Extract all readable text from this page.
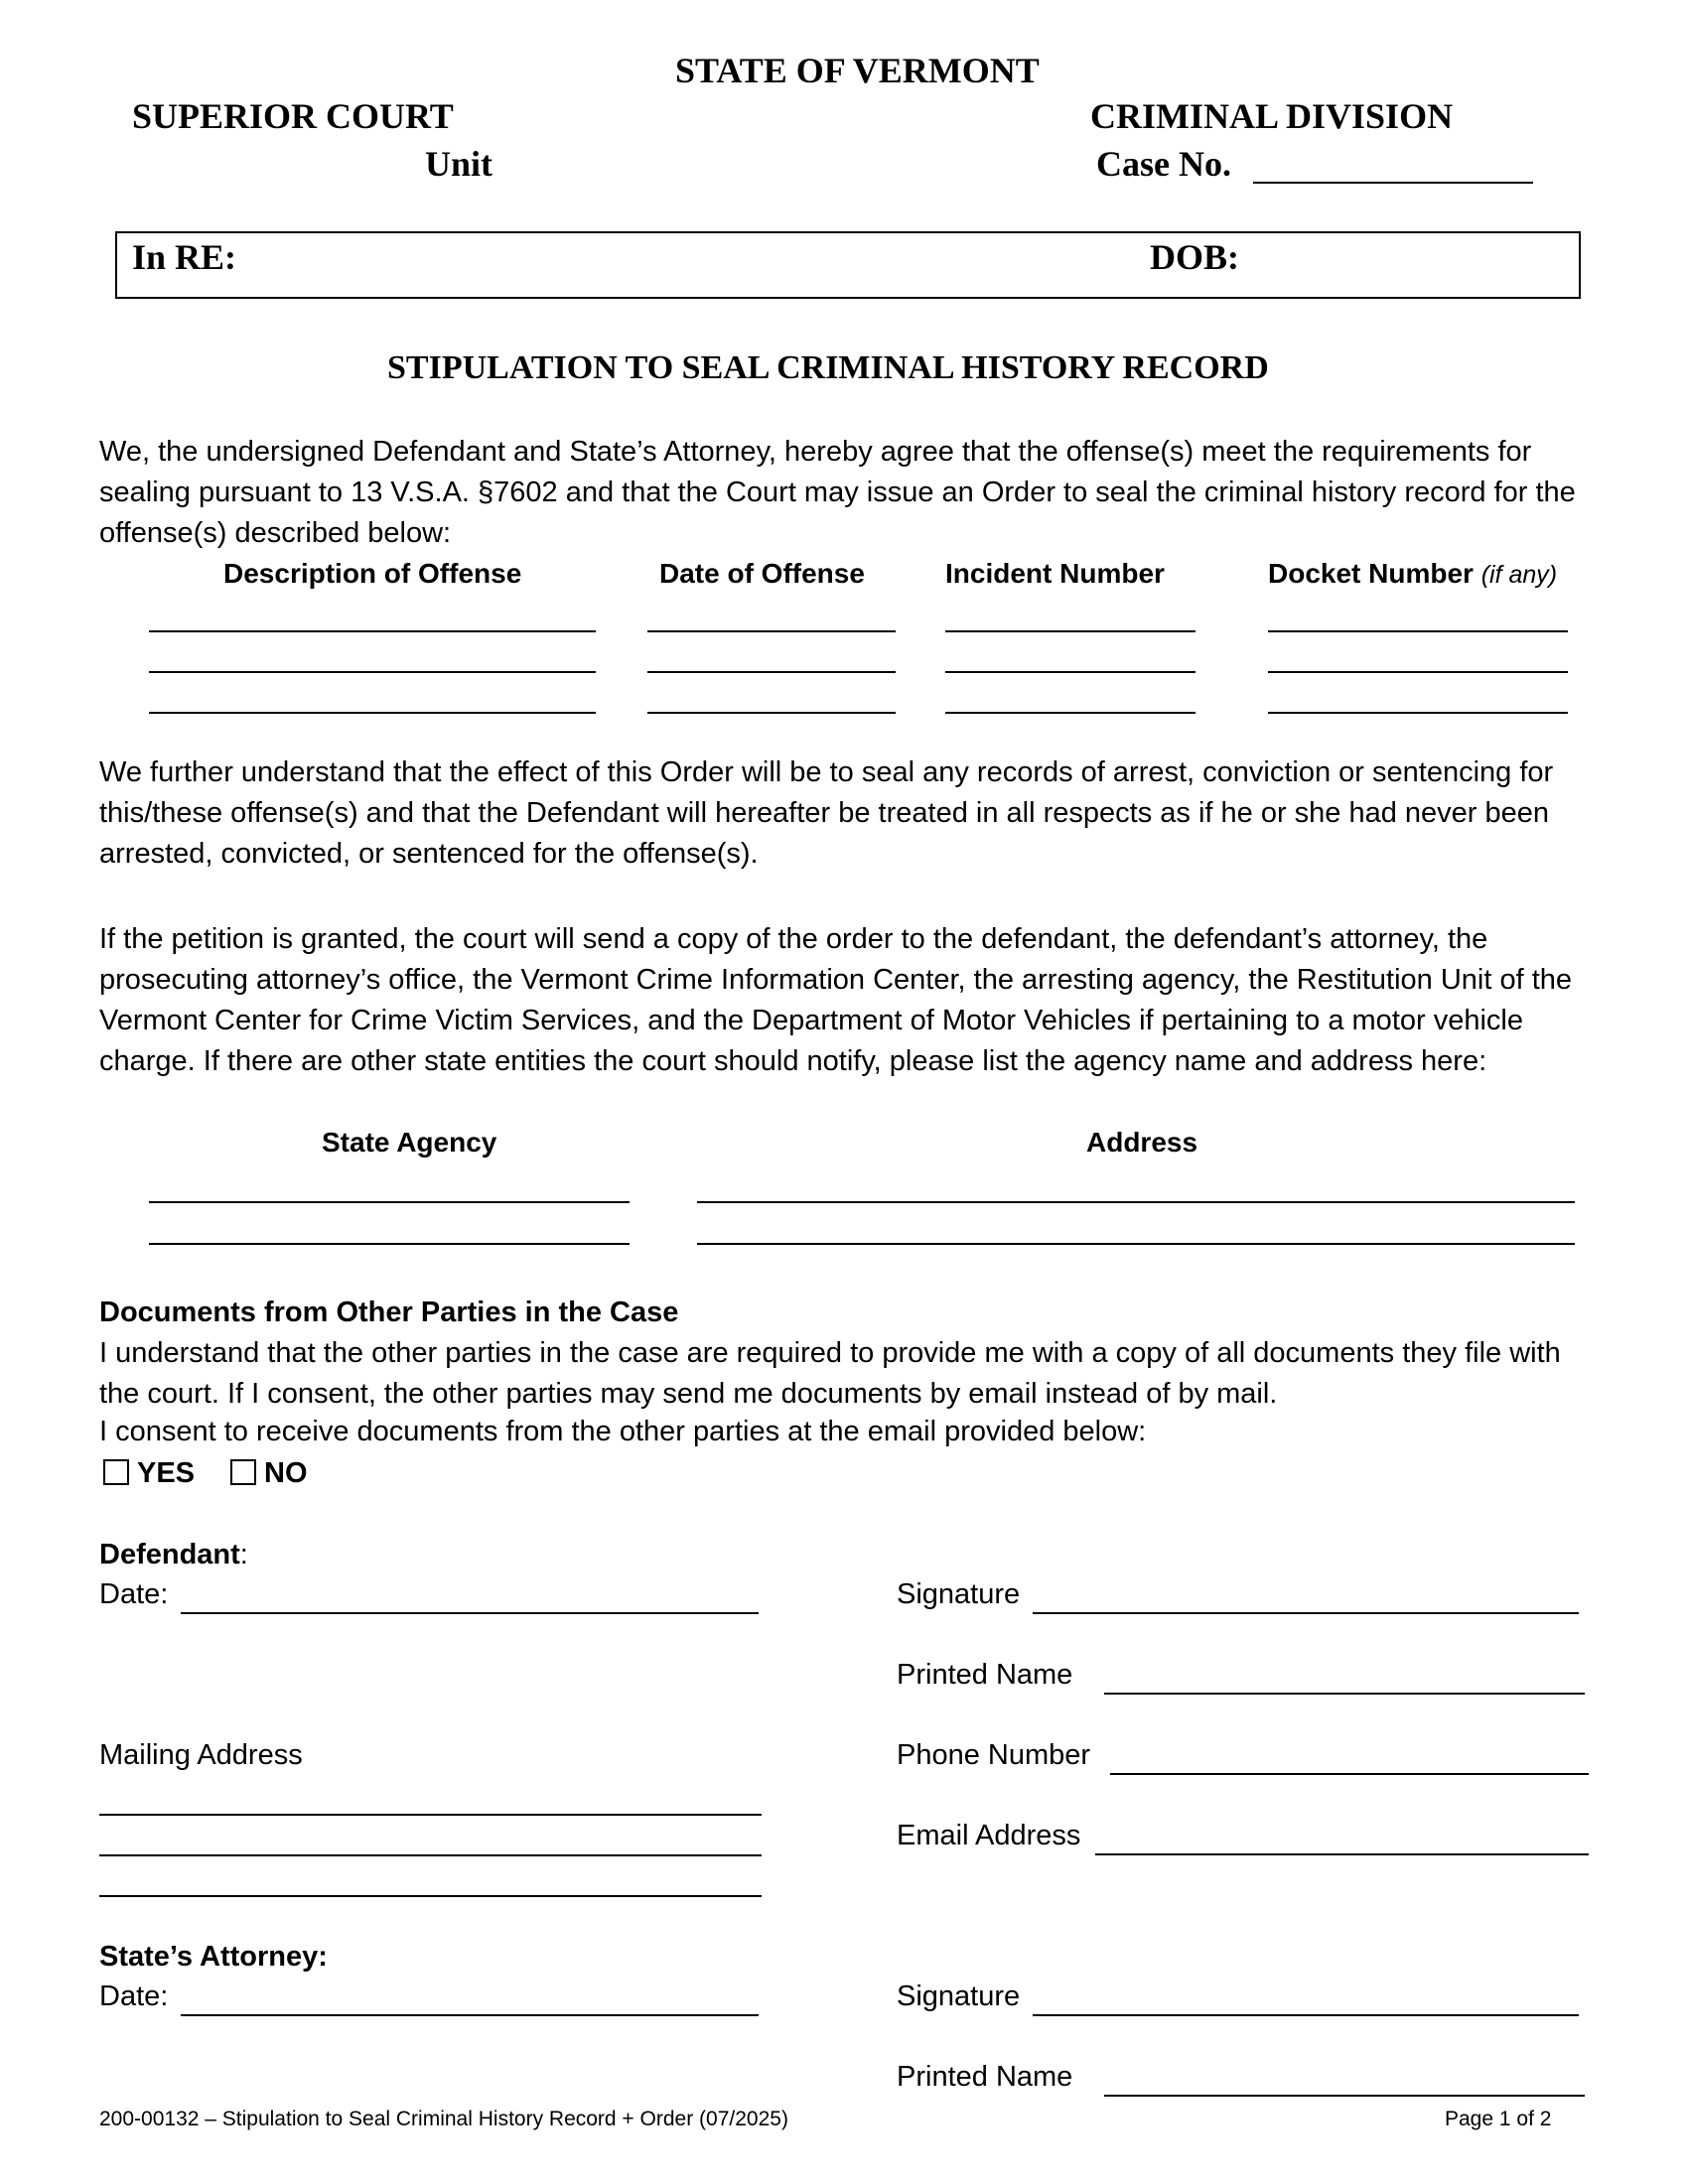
STATE OF VERMONT
SUPERIOR COURT	CRIMINAL DIVISION
Unit	Case No.
In RE:	DOB:
STIPULATION TO SEAL CRIMINAL HISTORY RECORD
We, the undersigned Defendant and State’s Attorney, hereby agree that the offense(s) meet the requirements for sealing pursuant to 13 V.S.A. §7602 and that the Court may issue an Order to seal the criminal history record for the offense(s) described below:
Description of Offense	Date of Offense	Incident Number	Docket Number (if any)
We further understand that the effect of this Order will be to seal any records of arrest, conviction or sentencing for this/these offense(s) and that the Defendant will hereafter be treated in all respects as if he or she had never been arrested, convicted, or sentenced for the offense(s).
If the petition is granted, the court will send a copy of the order to the defendant, the defendant’s attorney, the prosecuting attorney’s office, the Vermont Crime Information Center, the arresting agency, the Restitution Unit of the Vermont Center for Crime Victim Services, and the Department of Motor Vehicles if pertaining to a motor vehicle charge. If there are other state entities the court should notify, please list the agency name and address here:
State Agency	Address
Documents from Other Parties in the Case
I understand that the other parties in the case are required to provide me with a copy of all documents they file with the court. If I consent, the other parties may send me documents by email instead of by mail.
I consent to receive documents from the other parties at the email provided below:
YES	NO
Defendant:
Date:	Signature
Printed Name
Mailing Address	Phone Number
Email Address
State’s Attorney:
Date:	Signature
Printed Name
200-00132 – Stipulation to Seal Criminal History Record + Order (07/2025)	Page 1 of 2
